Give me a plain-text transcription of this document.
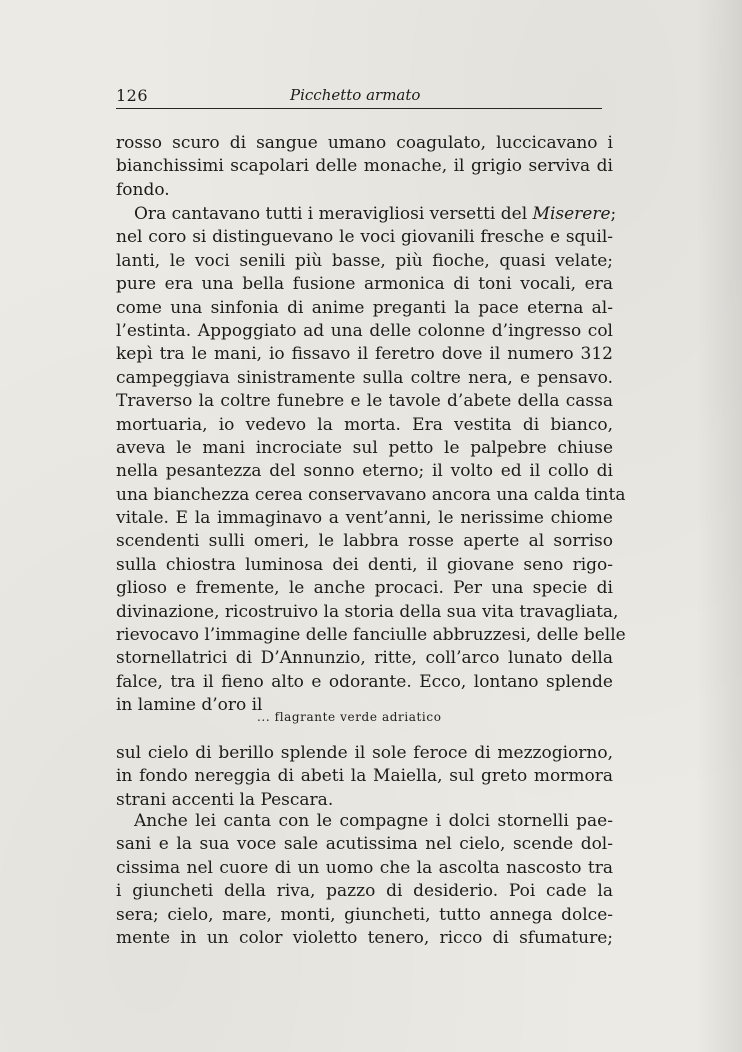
126	Picchetto armato
rosso scuro di sangue umano coagulato, luccicavano i
bianchissimi scapolari delle monache, il grigio serviva di
fondo.
Ora cantavano tutti i meravigliosi versetti del Miserere;
nel coro si distinguevano le voci giovanili fresche e squil-
lanti, le voci senili più basse, più fioche, quasi velate;
pure era una bella fusione armonica di toni vocali, era
come una sinfonia di anime preganti la pace eterna al-
l’estinta. Appoggiato ad una delle colonne d’ingresso col
kepì tra le mani, io fissavo il feretro dove il numero 312
campeggiava sinistramente sulla coltre nera, e pensavo.
Traverso la coltre funebre e le tavole d’abete della cassa
mortuaria, io vedevo la morta. Era vestita di bianco,
aveva le mani incrociate sul petto le palpebre chiuse
nella pesantezza del sonno eterno; il volto ed il collo di
una bianchezza cerea conservavano ancora una calda tinta
vitale. E la immaginavo a vent’anni, le nerissime chiome
scendenti sulli omeri, le labbra rosse aperte al sorriso
sulla chiostra luminosa dei denti, il giovane seno rigo-
glioso e fremente, le anche procaci. Per una specie di
divinazione, ricostruivo la storia della sua vita travagliata,
rievocavo l’immagine delle fanciulle abbruzzesi, delle belle
stornellatrici di D’Annunzio, ritte, coll’arco lunato della
falce, tra il fieno alto e odorante. Ecco, lontano splende
in lamine d’oro il
... flagrante verde adriatico
sul cielo di berillo splende il sole feroce di mezzogiorno,
in fondo nereggia di abeti la Maiella, sul greto mormora
strani accenti la Pescara.
Anche lei canta con le compagne i dolci stornelli pae-
sani e la sua voce sale acutissima nel cielo, scende dol-
cissima nel cuore di un uomo che la ascolta nascosto tra
i giuncheti della riva, pazzo di desiderio. Poi cade la
sera; cielo, mare, monti, giuncheti, tutto annega dolce-
mente in un color violetto tenero, ricco di sfumature;
